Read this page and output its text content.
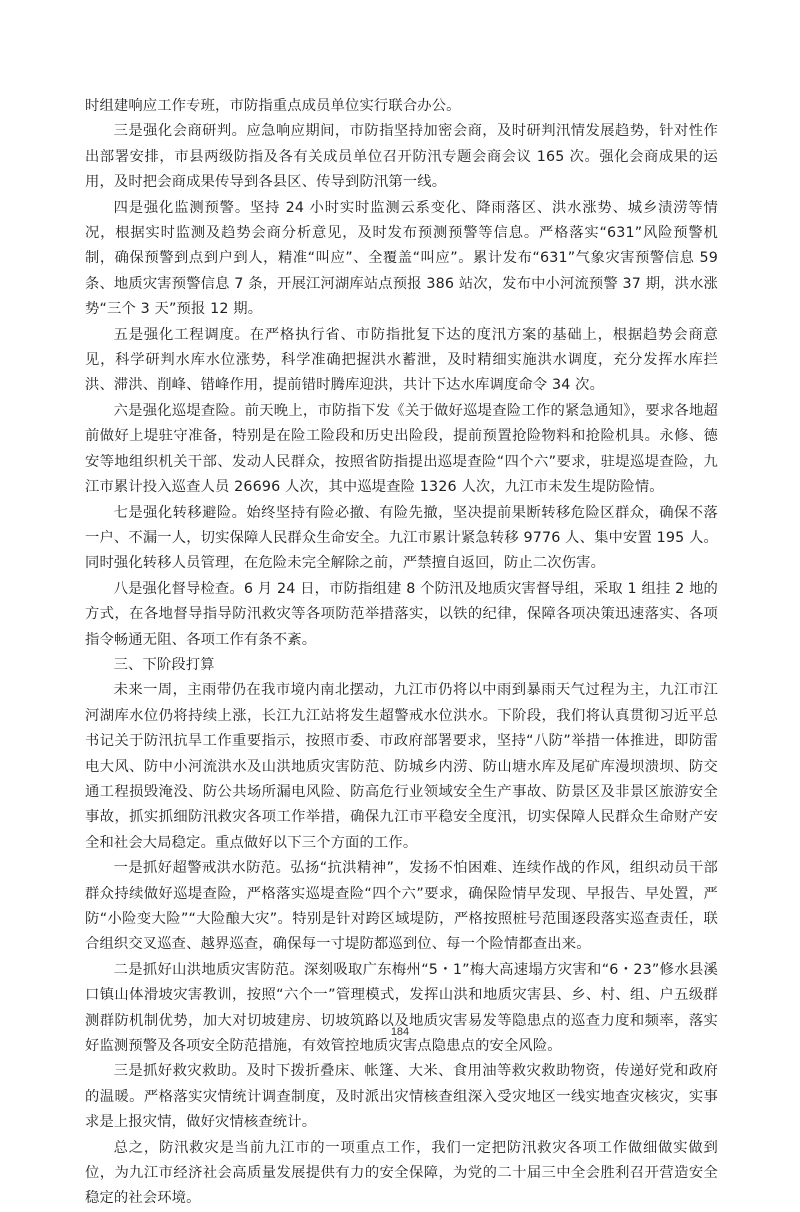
时组建响应工作专班，市防指重点成员单位实行联合办公。

三是强化会商研判。应急响应期间，市防指坚持加密会商，及时研判汛情发展趋势，针对性作出部署安排，市县两级防指及各有关成员单位召开防汛专题会商会议 165 次。强化会商成果的运用，及时把会商成果传导到各县区、传导到防汛第一线。

四是强化监测预警。坚持 24 小时实时监测云系变化、降雨落区、洪水涨势、城乡渍涝等情况，根据实时监测及趋势会商分析意见，及时发布预测预警等信息。严格落实“631”风险预警机制，确保预警到点到户到人，精准“叫应”、全覆盖“叫应”。累计发布“631”气象灾害预警信息 59 条、地质灾害预警信息 7 条，开展江河湖库站点预报 386 站次，发布中小河流预警 37 期，洪水涨势“三个 3 天”预报 12 期。

五是强化工程调度。在严格执行省、市防指批复下达的度汛方案的基础上，根据趋势会商意见，科学研判水库水位涨势，科学准确把握洪水蓄泄，及时精细实施洪水调度，充分发挥水库拦洪、滞洪、削峰、错峰作用，提前错时腾库迎洪，共计下达水库调度命令 34 次。

六是强化巡堤查险。前天晚上，市防指下发《关于做好巡堤查险工作的紧急通知》，要求各地超前做好上堤驻守准备，特别是在险工险段和历史出险段，提前预置抢险物料和抢险机具。永修、德安等地组织机关干部、发动人民群众，按照省防指提出巡堤查险“四个六”要求，驻堤巡堤查险，九江市累计投入巡查人员 26696 人次，其中巡堤查险 1326 人次，九江市未发生堤防险情。

七是强化转移避险。始终坚持有险必撤、有险先撤，坚决提前果断转移危险区群众，确保不落一户、不漏一人，切实保障人民群众生命安全。九江市累计紧急转移 9776 人、集中安置 195 人。同时强化转移人员管理，在危险未完全解除之前，严禁擅自返回，防止二次伤害。

八是强化督导检查。6 月 24 日，市防指组建 8 个防汛及地质灾害督导组，采取 1 组挂 2 地的方式，在各地督导指导防汛救灾等各项防范举措落实，以铁的纪律，保障各项决策迅速落实、各项指令畅通无阻、各项工作有条不紊。

三、下阶段打算

未来一周，主雨带仍在我市境内南北摆动，九江市仍将以中雨到暴雨天气过程为主，九江市江河湖库水位仍将持续上涨，长江九江站将发生超警戒水位洪水。下阶段，我们将认真贯彻习近平总书记关于防汛抗旱工作重要指示，按照市委、市政府部署要求，坚持“八防”举措一体推进，即防雷电大风、防中小河流洪水及山洪地质灾害防范、防城乡内涝、防山塘水库及尾矿库漫坝溃坝、防交通工程损毁淹没、防公共场所漏电风险、防高危行业领域安全生产事故、防景区及非景区旅游安全事故，抓实抓细防汛救灾各项工作举措，确保九江市平稳安全度汛，切实保障人民群众生命财产安全和社会大局稳定。重点做好以下三个方面的工作。

一是抓好超警戒洪水防范。弘扬“抗洪精神”，发扬不怕困难、连续作战的作风，组织动员干部群众持续做好巡堤查险，严格落实巡堤查险“四个六”要求，确保险情早发现、早报告、早处置，严防“小险变大险”“大险酿大灾”。特别是针对跨区域堤防，严格按照桩号范围逐段落实巡查责任，联合组织交叉巡查、越界巡查，确保每一寸堤防都巡到位、每一个险情都查出来。

二是抓好山洪地质灾害防范。深刻吸取广东梅州“5・1”梅大高速塌方灾害和“6・23”修水县溪口镇山体滑坡灾害教训，按照“六个一”管理模式，发挥山洪和地质灾害县、乡、村、组、户五级群测群防机制优势，加大对切坡建房、切坡筑路以及地质灾害易发等隐患点的巡查力度和频率，落实好监测预警及各项安全防范措施，有效管控地质灾害点隐患点的安全风险。

三是抓好救灾救助。及时下拨折叠床、帐篷、大米、食用油等救灾救助物资，传递好党和政府的温暖。严格落实灾情统计调查制度，及时派出灾情核查组深入受灾地区一线实地查灾核灾，实事求是上报灾情，做好灾情核查统计。

总之，防汛救灾是当前九江市的一项重点工作，我们一定把防汛救灾各项工作做细做实做到位，为九江市经济社会高质量发展提供有力的安全保障，为党的二十届三中全会胜利召开营造安全稳定的社会环境。

184
